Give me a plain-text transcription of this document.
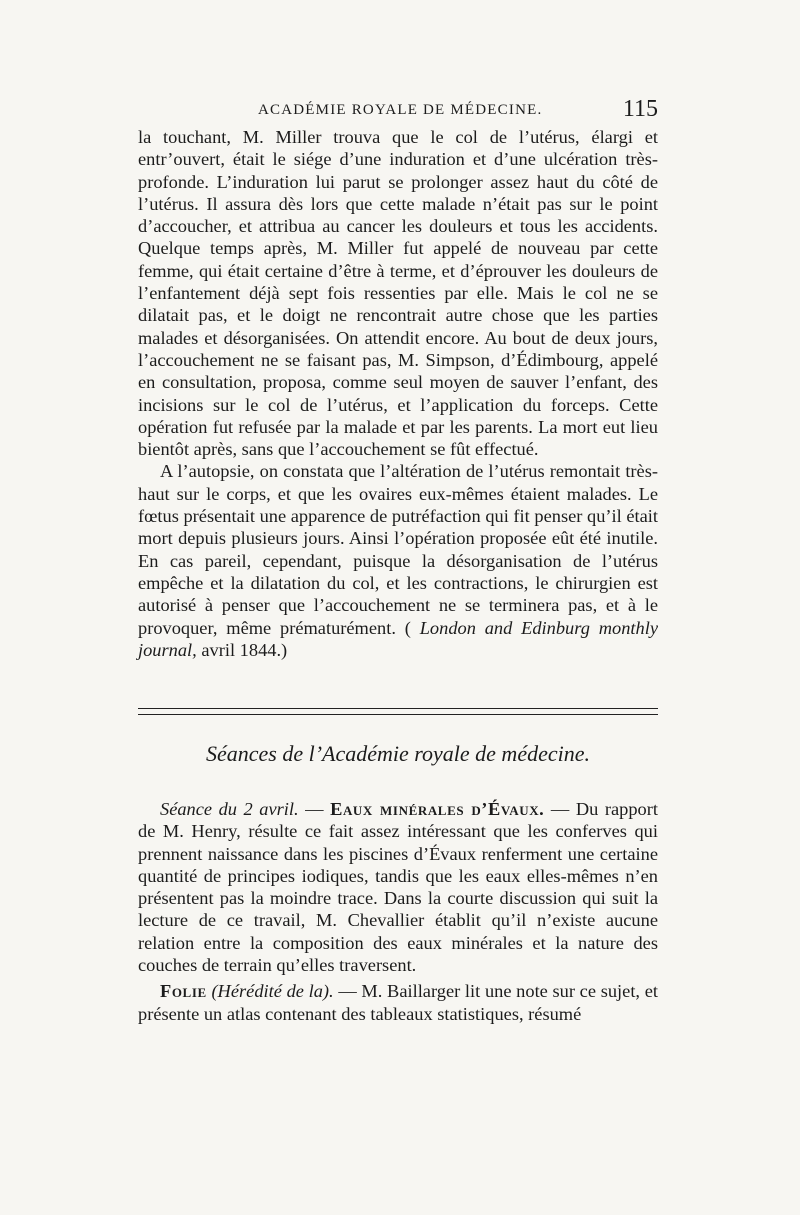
ACADÉMIE ROYALE DE MÉDECINE.	115

la touchant, M. Miller trouva que le col de l’utérus, élargi et entr’ouvert, était le siége d’une induration et d’une ulcération très-profonde. L’induration lui parut se prolonger assez haut du côté de l’utérus. Il assura dès lors que cette malade n’était pas sur le point d’accoucher, et attribua au cancer les douleurs et tous les accidents. Quelque temps après, M. Miller fut appelé de nouveau par cette femme, qui était certaine d’être à terme, et d’éprouver les douleurs de l’enfantement déjà sept fois ressenties par elle. Mais le col ne se dilatait pas, et le doigt ne rencontrait autre chose que les parties malades et désorganisées. On attendit encore. Au bout de deux jours, l’accouchement ne se faisant pas, M. Simpson, d’Édimbourg, appelé en consultation, proposa, comme seul moyen de sauver l’enfant, des incisions sur le col de l’utérus, et l’application du forceps. Cette opération fut refusée par la malade et par les parents. La mort eut lieu bientôt après, sans que l’accouchement se fût effectué.

A l’autopsie, on constata que l’altération de l’utérus remontait très-haut sur le corps, et que les ovaires eux-mêmes étaient malades. Le fœtus présentait une apparence de putréfaction qui fit penser qu’il était mort depuis plusieurs jours. Ainsi l’opération proposée eût été inutile. En cas pareil, cependant, puisque la désorganisation de l’utérus empêche et la dilatation du col, et les contractions, le chirurgien est autorisé à penser que l’accouchement ne se terminera pas, et à le provoquer, même prématurément. ( London and Edinburg monthly journal, avril 1844.)

Séances de l’Académie royale de médecine.

Séance du 2 avril. — Eaux minérales d’Évaux. — Du rapport de M. Henry, résulte ce fait assez intéressant que les conferves qui prennent naissance dans les piscines d’Évaux renferment une certaine quantité de principes iodiques, tandis que les eaux elles-mêmes n’en présentent pas la moindre trace. Dans la courte discussion qui suit la lecture de ce travail, M. Chevallier établit qu’il n’existe aucune relation entre la composition des eaux minérales et la nature des couches de terrain qu’elles traversent.

Folie (Hérédité de la). — M. Baillarger lit une note sur ce sujet, et présente un atlas contenant des tableaux statistiques, résumé
